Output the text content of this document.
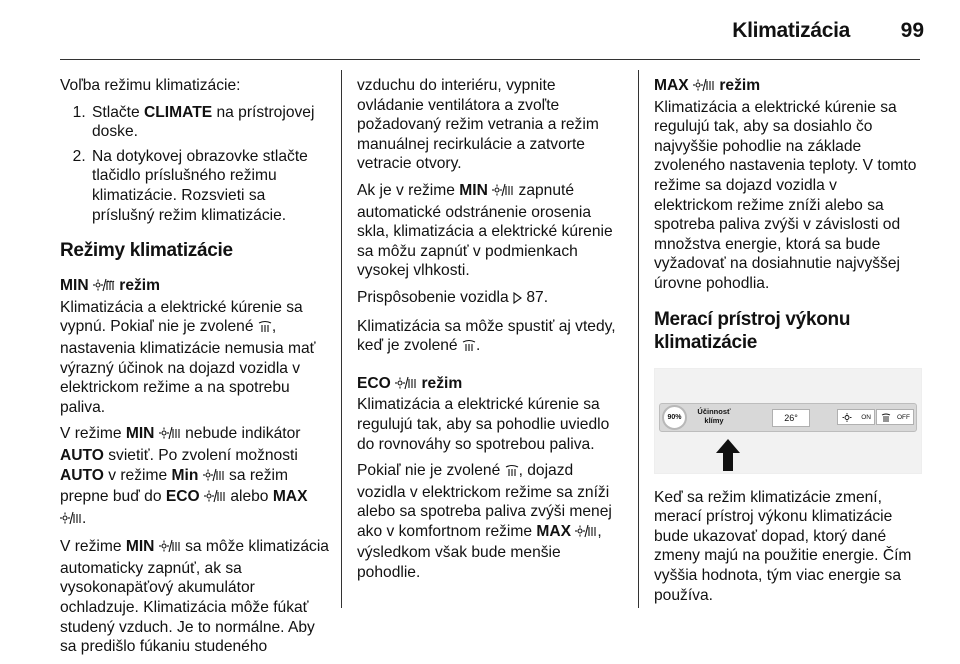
Klimatizácia	99

Voľba režimu klimatizácie:

1. Stlačte CLIMATE na prístrojovej doske.
2. Na dotykovej obrazovke stlačte tlačidlo príslušného režimu klimatizácie. Rozsvieti sa príslušný režim klimatizácie.
Režimy klimatizácie
MIN  režim

Klimatizácia a elektrické kúrenie sa vypnú. Pokiaľ nie je zvolené , nastavenia klimatizácie nemusia mať výrazný účinok na dojazd vozidla v elektrickom režime a na spotrebu paliva.

V režime MIN  nebude indikátor AUTO svietiť. Po zvolení možnosti AUTO v režime Min  sa režim prepne buď do ECO  alebo MAX .

V režime MIN  sa môže klimatizácia automaticky zapnúť, ak sa vysokonapäťový akumulátor ochladzuje. Klimatizácia môže fúkať studený vzduch. Je to normálne. Aby sa predišlo fúkaniu studeného

vzduchu do interiéru, vypnite ovládanie ventilátora a zvoľte požadovaný režim vetrania a režim manuálnej recirkulácie a zatvorte vetracie otvory.

Ak je v režime MIN  zapnuté automatické odstránenie orosenia skla, klimatizácia a elektrické kúrenie sa môžu zapnúť v podmienkach vysokej vlhkosti.

Prispôsobenie vozidla  87.

Klimatizácia sa môže spustiť aj vtedy, keď je zvolené .

ECO  režim

Klimatizácia a elektrické kúrenie sa regulujú tak, aby sa pohodlie uviedlo do rovnováhy so spotrebou paliva.

Pokiaľ nie je zvolené , dojazd vozidla v elektrickom režime sa zníži alebo sa spotreba paliva zvýši menej ako v komfortnom režime MAX , výsledkom však bude menšie pohodlie.

MAX  režim

Klimatizácia a elektrické kúrenie sa regulujú tak, aby sa dosiahlo čo najvyššie pohodlie na základe zvoleného nastavenia teploty. V tomto režime sa dojazd vozidla v elektrickom režime zníži alebo sa spotreba paliva zvýši v závislosti od množstva energie, ktorá sa bude vyžadovať na dosiahnutie najvyššej úrovne pohodlia.

Merací prístroj výkonu klimatizácie
90%
Účinnosť klímy	26°	ON	OFF

Keď sa režim klimatizácie zmení, merací prístroj výkonu klimatizácie bude ukazovať dopad, ktorý dané zmeny majú na použitie energie. Čím vyššia hodnota, tým viac energie sa používa.
